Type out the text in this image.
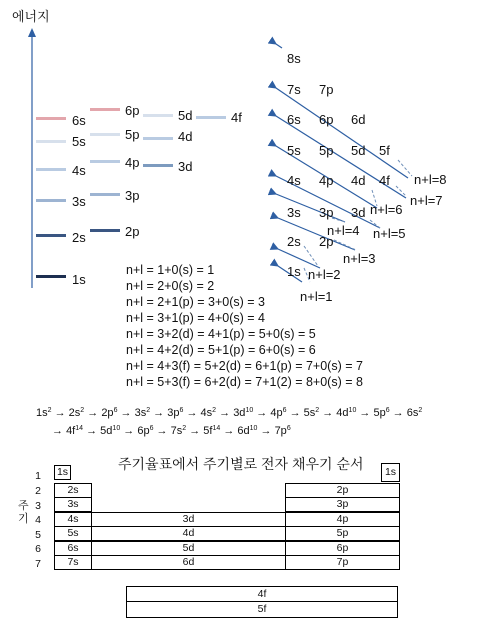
에너지
6s
5s
4s
3s
2s
1s
6p
5p
4p
3p
2p
5d
4d
3d
4f
8s
7s 7p
6s 6p 6d
5s 5p 5d 5f
4s 4p 4d 4f
3s 3p 3d
2s 2p
1s
n+l=8
n+l=7
n+l=6
n+l=5
n+l=4
n+l=3
n+l=2
n+l=1
n+l = 1+0(s) = 1
n+l = 2+0(s) = 2
n+l = 2+1(p) = 3+0(s) = 3
n+l = 3+1(p) = 4+0(s) = 4
n+l = 3+2(d) = 4+1(p) = 5+0(s) = 5
n+l = 4+2(d) = 5+1(p) = 6+0(s) = 6
n+l = 4+3(f) = 5+2(d) = 6+1(p) = 7+0(s) = 7
n+l = 5+3(f) = 6+2(d) = 7+1(2) = 8+0(s) = 8
$1s^2 \to 2s^2 \to 2p^6 \to 3s^2 \to 3p^6 \to 4s^2 \to 3d^{10} \to 4p^6 \to 5s^2 \to 4d^{10} \to 5p^6 \to 6s^2$
→ $4f^{14} \to 5d^{10} \to 6p^6 \to 7s^2 \to 5f^{14} \to 6d^{10} \to 7p^6$
주기율표에서 주기별로 전자 채우기 순서
주
기
1
2
3
4
5
6
7
1s
2s
3s
4s
5s
6s
7s
3d
4d
5d
6d
1s
2p
3p
4p
5p
6p
7p
4f
5f
